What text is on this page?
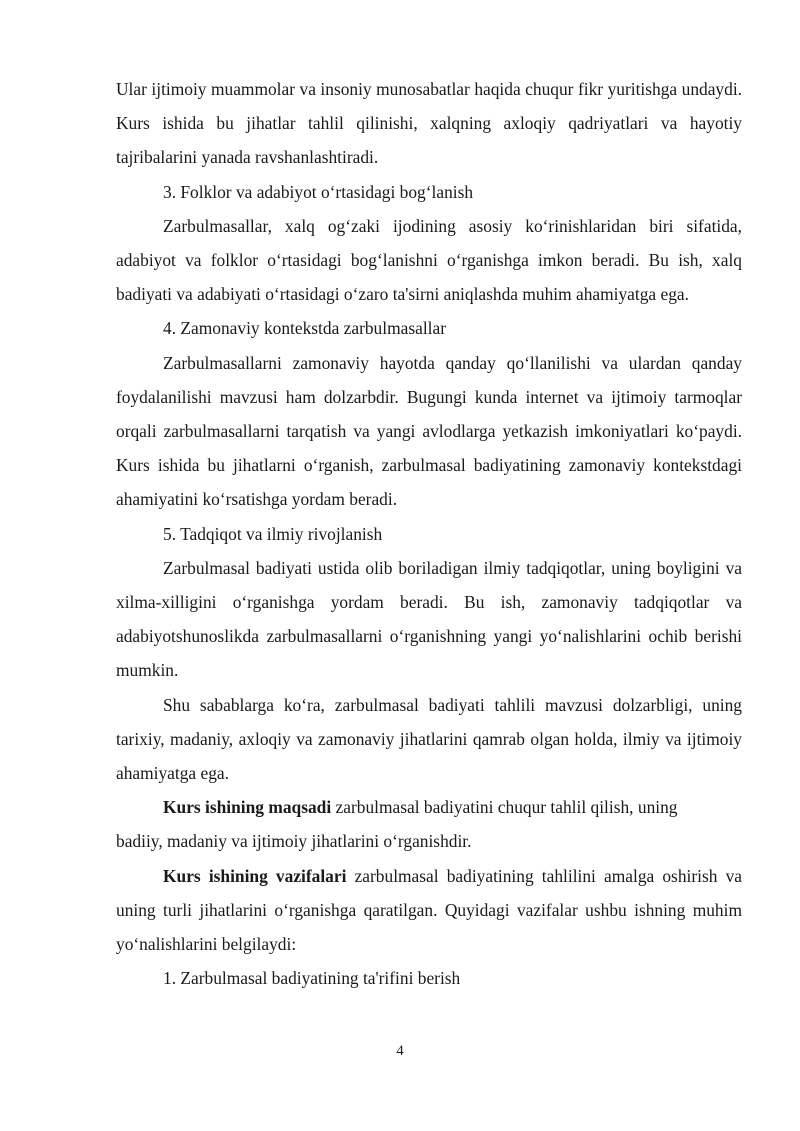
Ular ijtimoiy muammolar va insoniy munosabatlar haqida chuqur fikr yuritishga undaydi. Kurs ishida bu jihatlar tahlil qilinishi, xalqning axloqiy qadriyatlari va hayotiy tajribalarini yanada ravshanlashtiradi.

3. Folklor va adabiyot oʻrtasidagi bogʻlanish

Zarbulmasallar, xalq ogʻzaki ijodining asosiy koʻrinishlaridan biri sifatida, adabiyot va folklor oʻrtasidagi bogʻlanishni oʻrganishga imkon beradi. Bu ish, xalq badiyati va adabiyati oʻrtasidagi oʻzaro ta'sirni aniqlashda muhim ahamiyatga ega.

4. Zamonaviy kontekstda zarbulmasallar

Zarbulmasallarni zamonaviy hayotda qanday qoʻllanilishi va ulardan qanday foydalanilishi mavzusi ham dolzarbdir. Bugungi kunda internet va ijtimoiy tarmoqlar orqali zarbulmasallarni tarqatish va yangi avlodlarga yetkazish imkoniyatlari koʻpaydi. Kurs ishida bu jihatlarni oʻrganish, zarbulmasal badiyatining zamonaviy kontekstdagi ahamiyatini koʻrsatishga yordam beradi.

5. Tadqiqot va ilmiy rivojlanish

Zarbulmasal badiyati ustida olib boriladigan ilmiy tadqiqotlar, uning boyligini va xilma-xilligini oʻrganishga yordam beradi. Bu ish, zamonaviy tadqiqotlar va adabiyotshunoslikda zarbulmasallarni oʻrganishning yangi yoʻnalishlarini ochib berishi mumkin.

Shu sabablarga koʻra, zarbulmasal badiyati tahlili mavzusi dolzarbligi, uning tarixiy, madaniy, axloqiy va zamonaviy jihatlarini qamrab olgan holda, ilmiy va ijtimoiy ahamiyatga ega.

Kurs ishining maqsadi zarbulmasal badiyatini chuqur tahlil qilish, uning
badiiy, madaniy va ijtimoiy jihatlarini oʻrganishdir.

Kurs ishining vazifalari zarbulmasal badiyatining tahlilini amalga oshirish va uning turli jihatlarini oʻrganishga qaratilgan. Quyidagi vazifalar ushbu ishning muhim yoʻnalishlarini belgilaydi:

1. Zarbulmasal badiyatining ta'rifini berish

4
